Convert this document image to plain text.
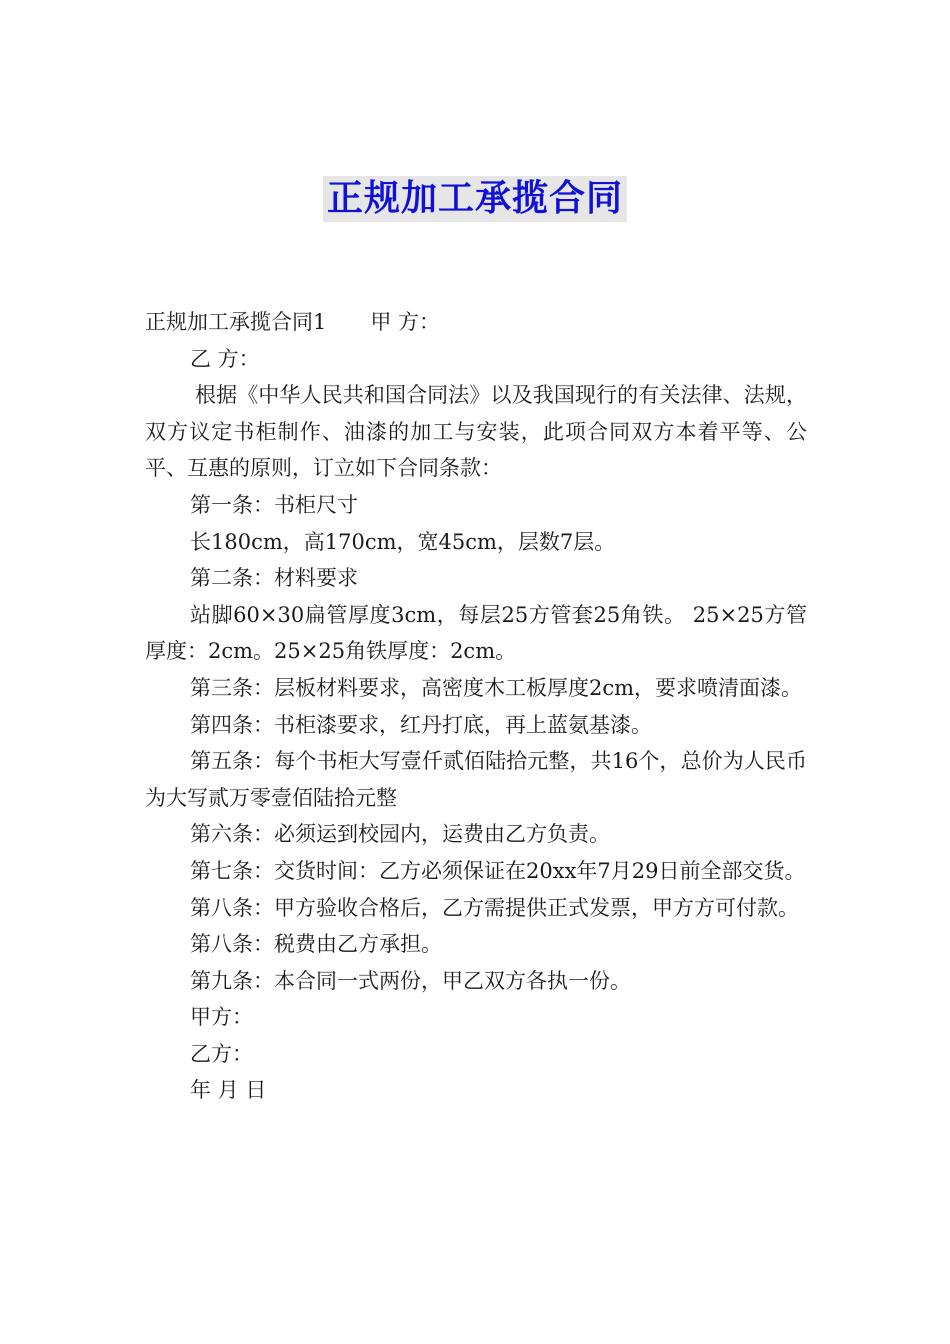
正规加工承揽合同

正规加工承揽合同1 甲 方：

乙 方：

根据《中华人民共和国合同法》以及我国现行的有关法律、法规，双方议定书柜制作、油漆的加工与安装，此项合同双方本着平等、公平、互惠的原则，订立如下合同条款：

第一条：书柜尺寸

长180cm，高170cm，宽45cm，层数7层。

第二条：材料要求

站脚60×30扁管厚度3cm，每层25方管套25角铁。 25×25方管厚度：2cm。25×25角铁厚度：2cm。

第三条：层板材料要求，高密度木工板厚度2cm，要求喷清面漆。

第四条：书柜漆要求，红丹打底，再上蓝氨基漆。

第五条：每个书柜大写壹仟贰佰陆拾元整，共16个，总价为人民币为大写贰万零壹佰陆拾元整

第六条：必须运到校园内，运费由乙方负责。

第七条：交货时间：乙方必须保证在20xx年7月29日前全部交货。

第八条：甲方验收合格后，乙方需提供正式发票，甲方方可付款。

第八条：税费由乙方承担。

第九条：本合同一式两份，甲乙双方各执一份。

甲方：

乙方：

年 月 日
